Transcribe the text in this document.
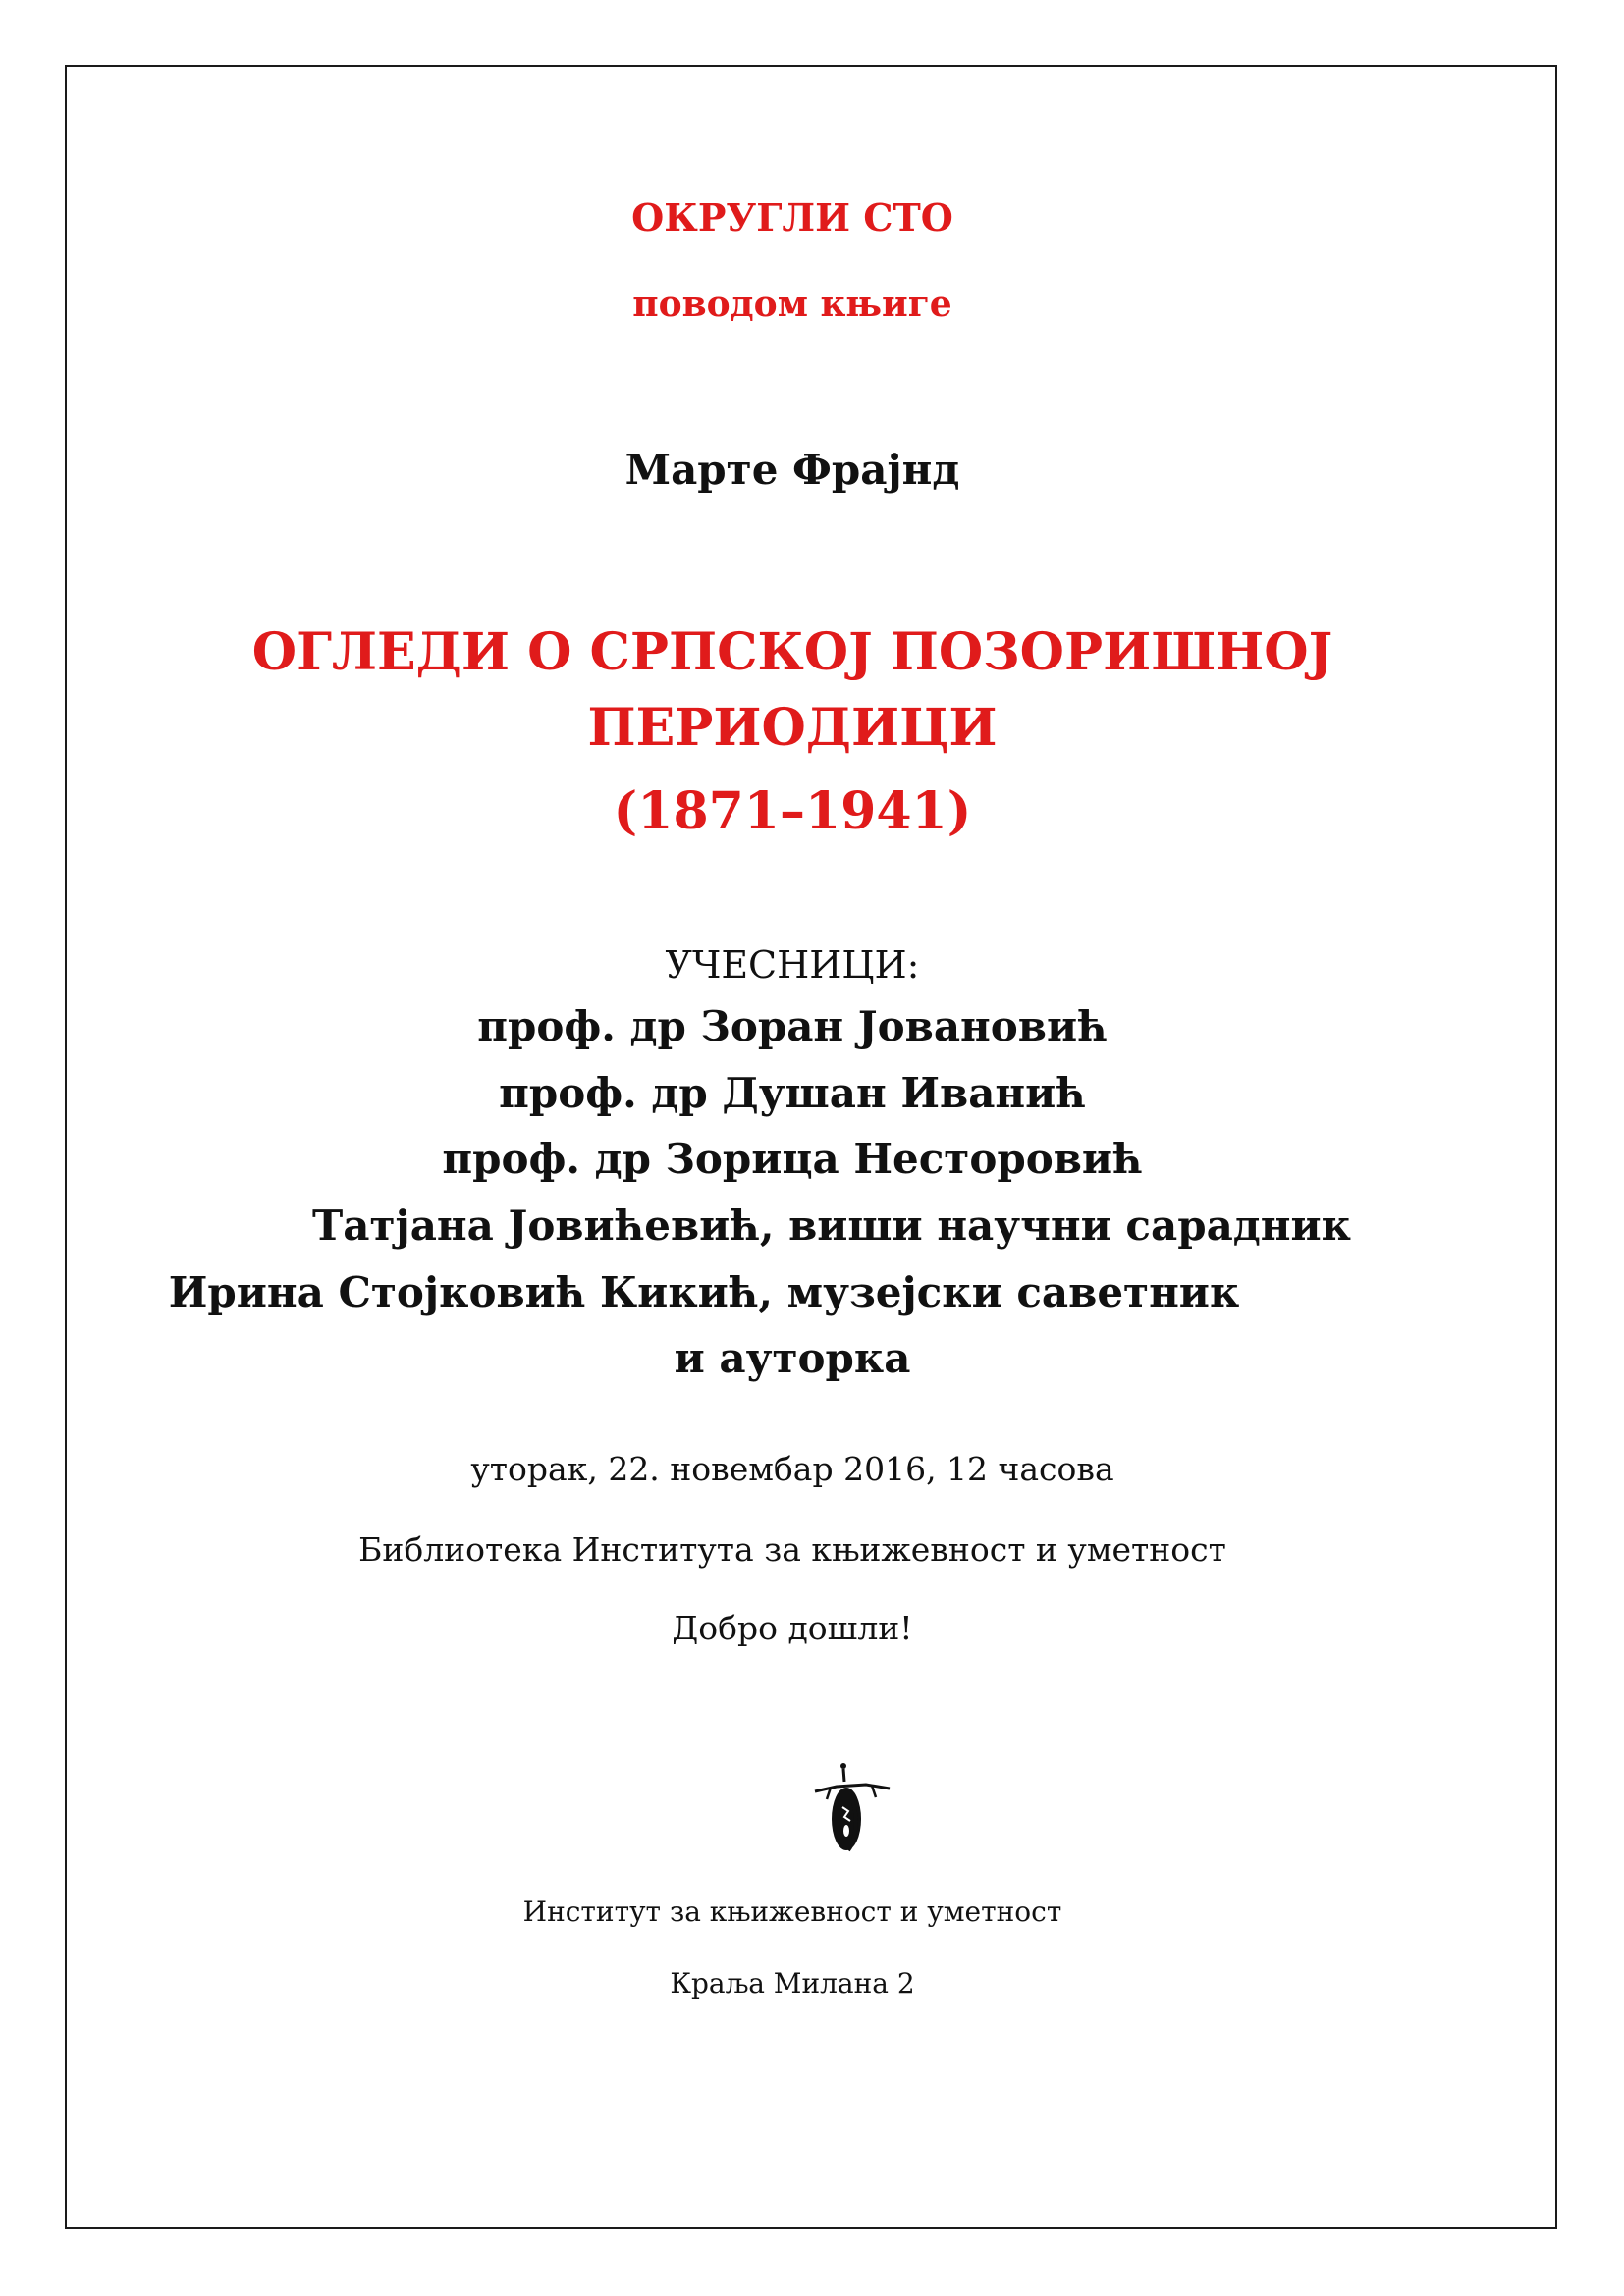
ОКРУГЛИ СТО
поводом књиге
Марте Фрајнд
ОГЛЕДИ О СРПСКОЈ ПОЗОРИШНОЈ
ПЕРИОДИЦИ
(1871–1941)
УЧЕСНИЦИ:
проф. др Зоран Јовановић
проф. др Душан Иванић
проф. др Зорица Несторовић
Татјана Јовићевић, виши научни сарадник
Ирина Стојковић Кикић, музејски саветник
и ауторка
уторак, 22. новембар 2016, 12 часова
Библиотека Института за књижевност и уметност
Добро дошли!
Институт за књижевност и уметност
Краља Милана 2
